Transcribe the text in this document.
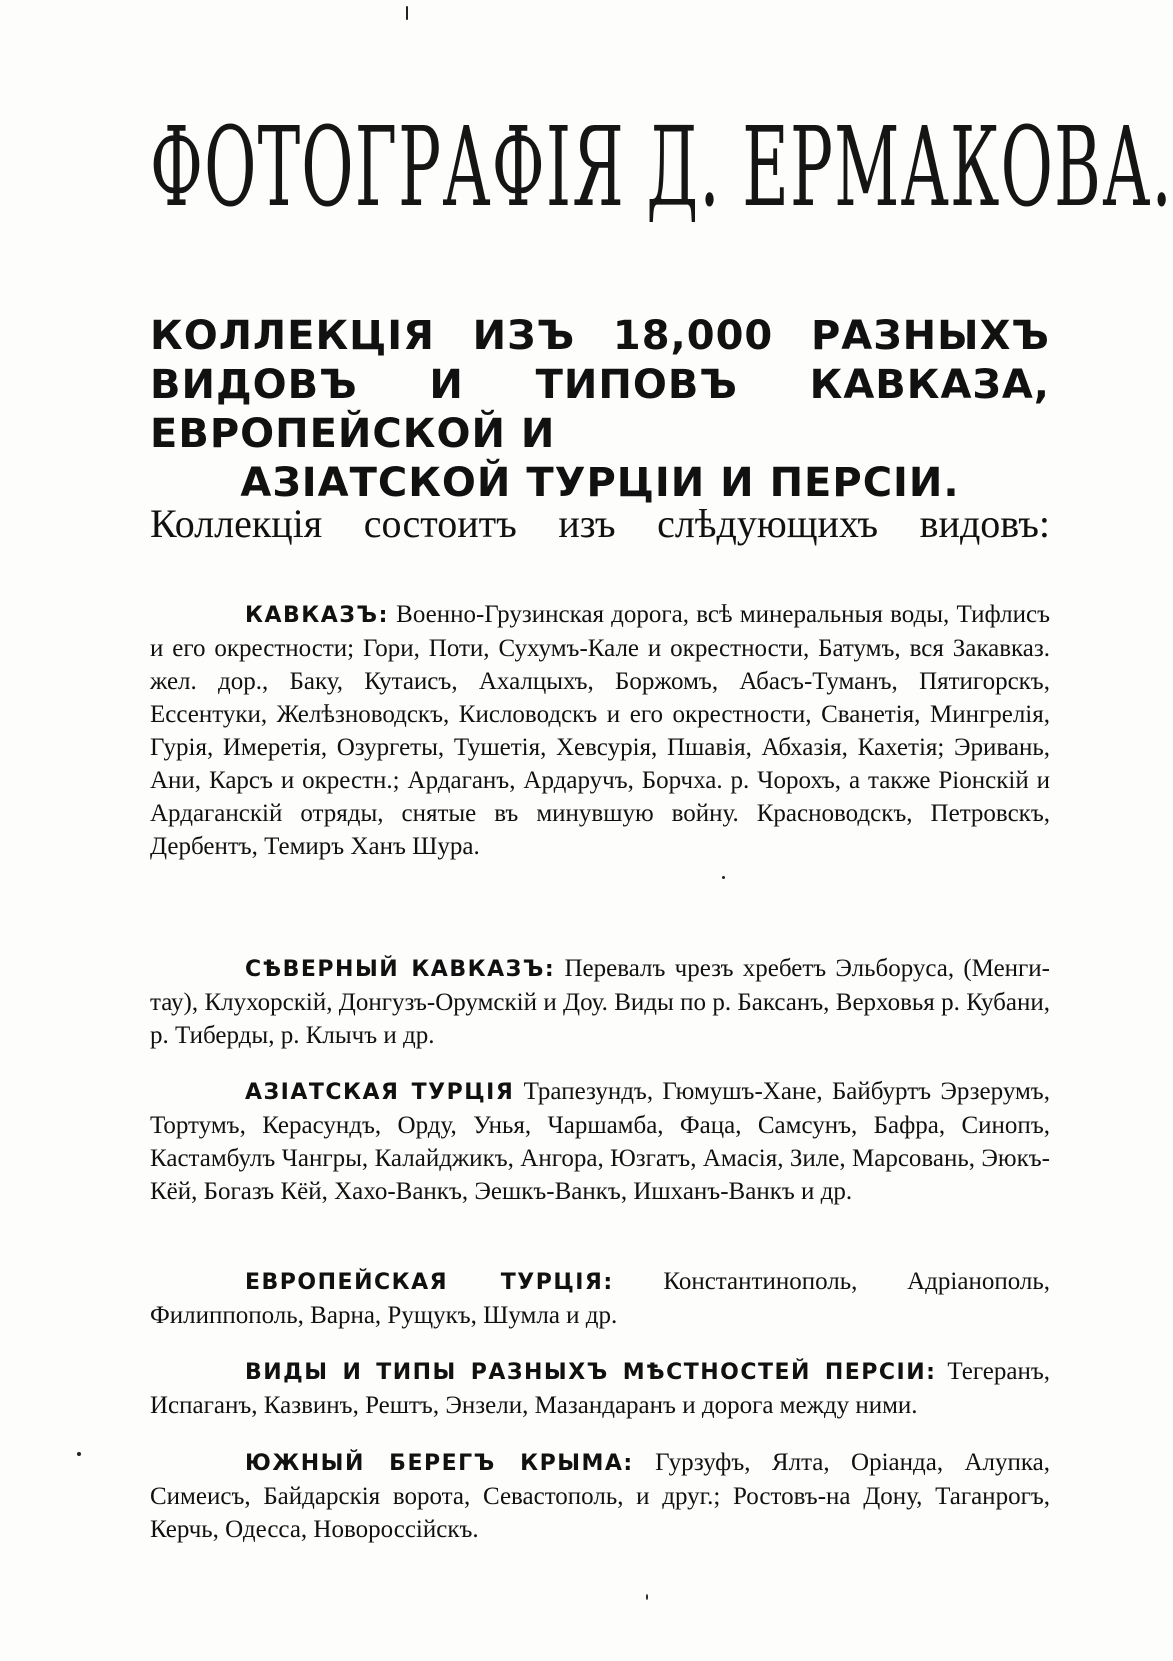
ФОТОГРАФІЯ Д. ЕРМАКОВА.
КОЛЛЕКЦІЯ ИЗЪ 18,000 РАЗНЫХЪ ВИДОВЪ И ТИПОВЪ КАВКАЗА, ЕВРОПЕЙСКОЙ И
АЗІАТСКОЙ ТУРЦІИ И ПЕРСІИ.
Коллекція состоитъ изъ слѣдующихъ видовъ:
КАВКАЗЪ: Военно-Грузинская дорога, всѣ минеральныя воды, Тифлисъ и его окрестности; Гори, Поти, Сухумъ-Кале и окрестности, Батумъ, вся Закавказ. жел. дор., Баку, Кутаисъ, Ахалцыхъ, Боржомъ, Абасъ-Туманъ, Пятигорскъ, Ессентуки, Желѣзноводскъ, Кисловодскъ и его окрестности, Сванетія, Мингрелія, Гурія, Имеретія, Озургеты, Тушетія, Хевсурія, Пшавія, Абхазія, Кахетія; Эривань, Ани, Карсъ и окрестн.; Ардаганъ, Ардаручъ, Борчха. р. Чорохъ, а также Ріонскій и Ардаганскій отряды, снятые въ минувшую войну. Красноводскъ, Петровскъ, Дербентъ, Темиръ Ханъ Шура.
СѢВЕРНЫЙ КАВКАЗЪ: Перевалъ чрезъ хребетъ Эльборуса, (Менги-тау), Клухорскій, Донгузъ-Орумскій и Доу. Виды по р. Баксанъ, Верховья р. Кубани, р. Тиберды, р. Клычъ и др.
АЗІАТСКАЯ ТУРЦІЯ Трапезундъ, Гюмушъ-Хане, Байбуртъ Эрзерумъ, Тортумъ, Керасундъ, Орду, Унья, Чаршамба, Фаца, Самсунъ, Бафра, Синопъ, Кастамбулъ Чангры, Калайджикъ, Ангора, Юзгатъ, Амасія, Зиле, Марсовань, Эюкъ-Кёй, Богазъ Кёй, Хахо-Ванкъ, Эешкъ-Ванкъ, Ишханъ-Ванкъ и др.
ЕВРОПЕЙСКАЯ ТУРЦІЯ: Константинополь, Адріанополь, Филиппополь, Варна, Рущукъ, Шумла и др.
ВИДЫ И ТИПЫ РАЗНЫХЪ МѢСТНОСТЕЙ ПЕРСІИ: Тегеранъ, Испаганъ, Казвинъ, Рештъ, Энзели, Мазандаранъ и дорога между ними.
ЮЖНЫЙ БЕРЕГЪ КРЫМА: Гурзуфъ, Ялта, Оріанда, Алупка, Симеисъ, Байдарскія ворота, Севастополь, и друг.; Ростовъ-на Дону, Таганрогъ, Керчь, Одесса, Новороссійскъ.
